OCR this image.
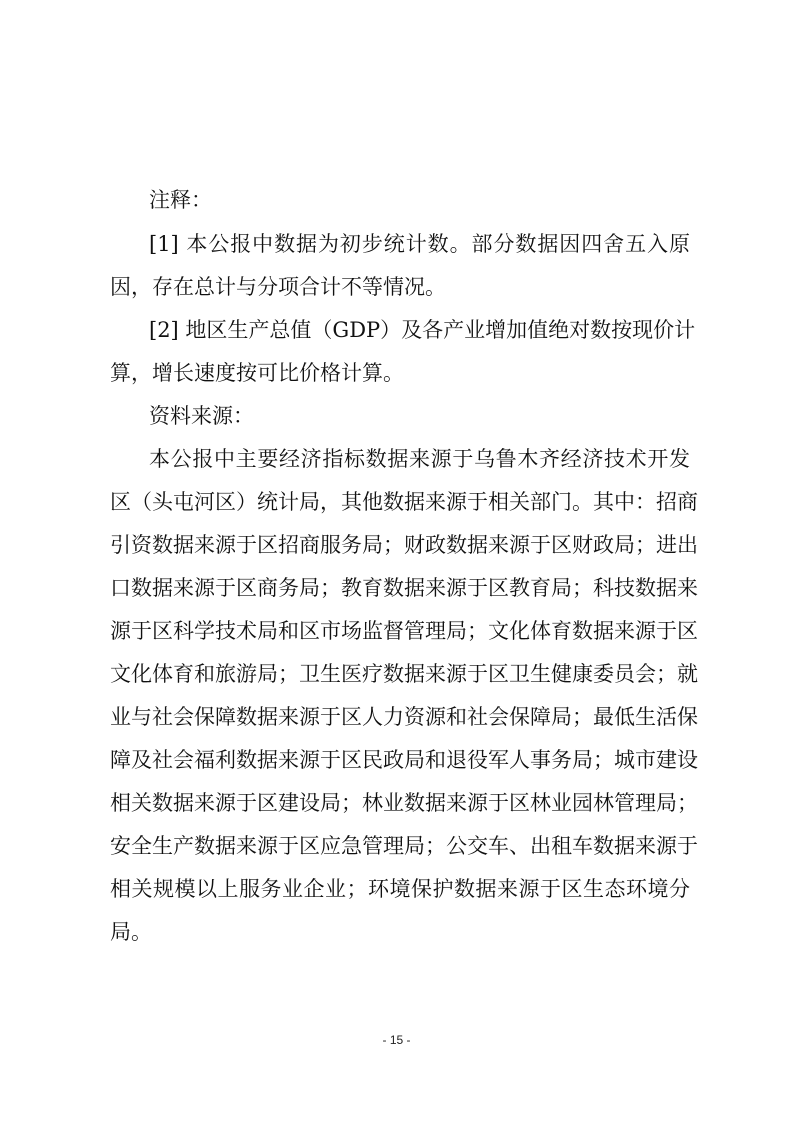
注释：
[1] 本公报中数据为初步统计数。部分数据因四舍五入原
因，存在总计与分项合计不等情况。
[2] 地区生产总值（GDP）及各产业增加值绝对数按现价计
算，增长速度按可比价格计算。
资料来源：
本公报中主要经济指标数据来源于乌鲁木齐经济技术开发
区（头屯河区）统计局，其他数据来源于相关部门。其中：招商
引资数据来源于区招商服务局；财政数据来源于区财政局；进出
口数据来源于区商务局；教育数据来源于区教育局；科技数据来
源于区科学技术局和区市场监督管理局；文化体育数据来源于区
文化体育和旅游局；卫生医疗数据来源于区卫生健康委员会；就
业与社会保障数据来源于区人力资源和社会保障局；最低生活保
障及社会福利数据来源于区民政局和退役军人事务局；城市建设
相关数据来源于区建设局；林业数据来源于区林业园林管理局；
安全生产数据来源于区应急管理局；公交车、出租车数据来源于
相关规模以上服务业企业；环境保护数据来源于区生态环境分
局。
- 15 -
